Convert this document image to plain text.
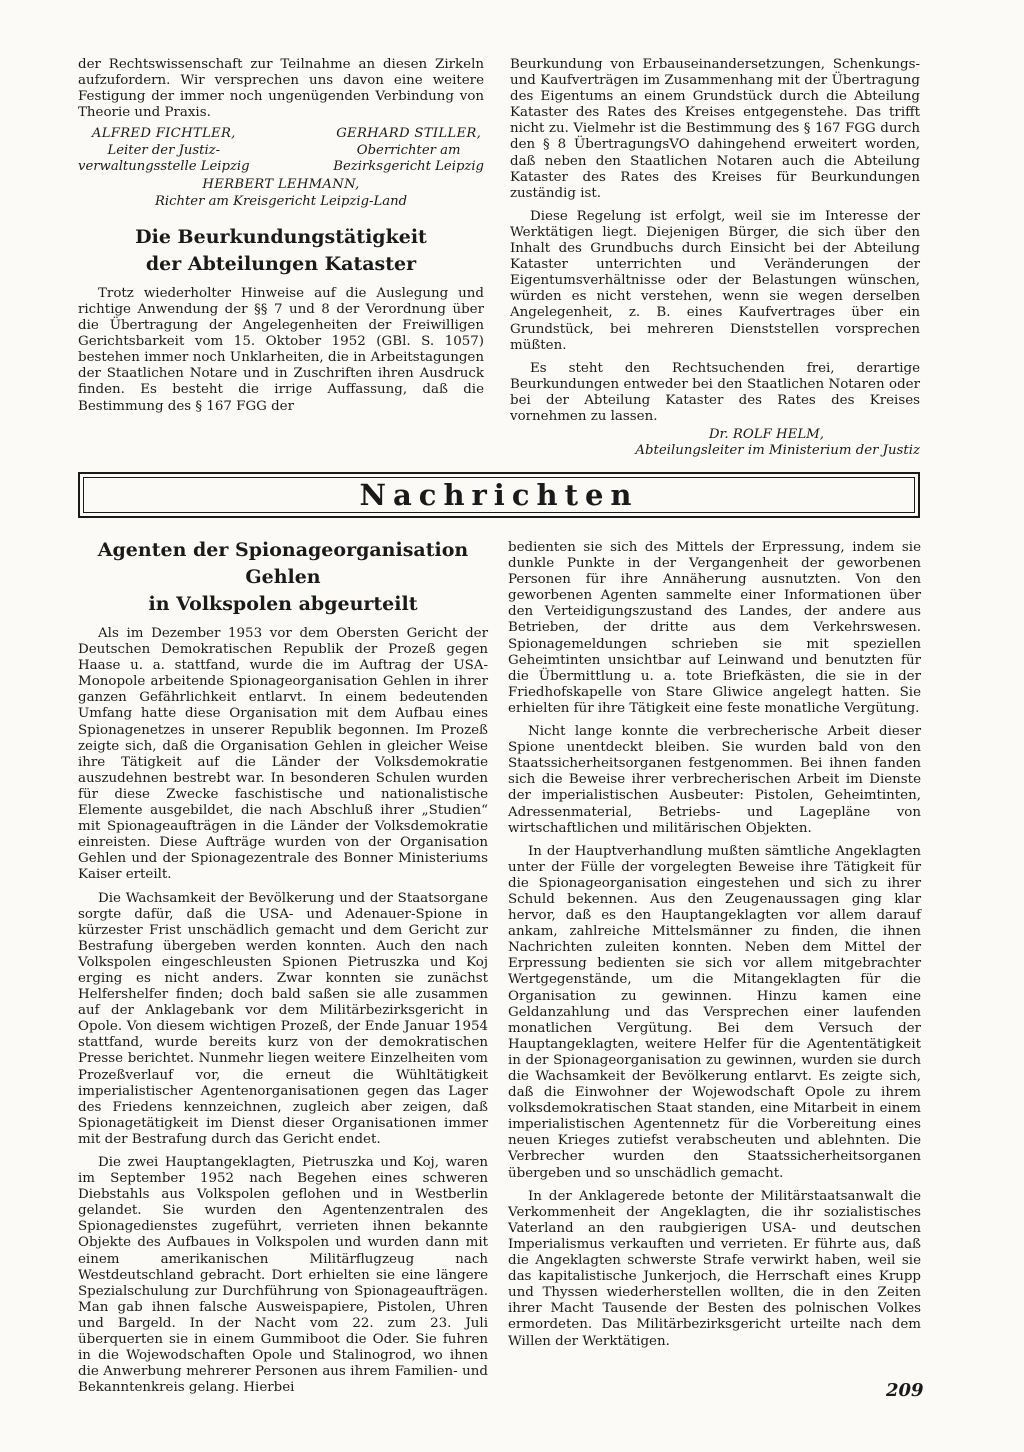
der Rechtswissenschaft zur Teilnahme an diesen Zirkeln aufzufordern. Wir versprechen uns davon eine weitere Festigung der immer noch ungenügenden Verbindung von Theorie und Praxis.

ALFRED FICHTLER,
Leiter der Justiz-
verwaltungsstelle Leipzig
GERHARD STILLER,
Oberrichter am
Bezirksgericht Leipzig
HERBERT LEHMANN,
Richter am Kreisgericht Leipzig-Land

Die Beurkundungstätigkeit

der Abteilungen Kataster

Trotz wiederholter Hinweise auf die Auslegung und richtige Anwendung der §§ 7 und 8 der Verordnung über die Übertragung der Angelegenheiten der Freiwilligen Gerichtsbarkeit vom 15. Oktober 1952 (GBl. S. 1057) bestehen immer noch Unklarheiten, die in Arbeitstagungen der Staatlichen Notare und in Zuschriften ihren Ausdruck finden. Es besteht die irrige Auffassung, daß die Bestimmung des § 167 FGG der

Beurkundung von Erbauseinandersetzungen, Schenkungs- und Kaufverträgen im Zusammenhang mit der Übertragung des Eigentums an einem Grundstück durch die Abteilung Kataster des Rates des Kreises entgegenstehe. Das trifft nicht zu. Vielmehr ist die Bestimmung des § 167 FGG durch den § 8 ÜbertragungsVO dahingehend erweitert worden, daß neben den Staatlichen Notaren auch die Abteilung Kataster des Rates des Kreises für Beurkundungen zuständig ist.

Diese Regelung ist erfolgt, weil sie im Interesse der Werktätigen liegt. Diejenigen Bürger, die sich über den Inhalt des Grundbuchs durch Einsicht bei der Abteilung Kataster unterrichten und Veränderungen der Eigentumsverhältnisse oder der Belastungen wünschen, würden es nicht verstehen, wenn sie wegen derselben Angelegenheit, z. B. eines Kaufvertrages über ein Grundstück, bei mehreren Dienststellen vorsprechen müßten.

Es steht den Rechtsuchenden frei, derartige Beurkundungen entweder bei den Staatlichen Notaren oder bei der Abteilung Kataster des Rates des Kreises vornehmen zu lassen.

Dr. ROLF HELM,
Abteilungsleiter im Ministerium der Justiz
Nachrichten

Agenten der Spionageorganisation Gehlen

in Volkspolen abgeurteilt

Als im Dezember 1953 vor dem Obersten Gericht der Deutschen Demokratischen Republik der Prozeß gegen Haase u. a. stattfand, wurde die im Auftrag der USA-Monopole arbeitende Spionageorganisation Gehlen in ihrer ganzen Gefährlichkeit entlarvt. In einem bedeutenden Umfang hatte diese Organisation mit dem Aufbau eines Spionagenetzes in unserer Republik begonnen. Im Prozeß zeigte sich, daß die Organisation Gehlen in gleicher Weise ihre Tätigkeit auf die Länder der Volksdemokratie auszudehnen bestrebt war. In besonderen Schulen wurden für diese Zwecke faschistische und nationalistische Elemente ausgebildet, die nach Abschluß ihrer „Studien“ mit Spionageaufträgen in die Länder der Volksdemokratie einreisten. Diese Aufträge wurden von der Organisation Gehlen und der Spionagezentrale des Bonner Ministeriums Kaiser erteilt.

Die Wachsamkeit der Bevölkerung und der Staatsorgane sorgte dafür, daß die USA- und Adenauer-Spione in kürzester Frist unschädlich gemacht und dem Gericht zur Bestrafung übergeben werden konnten. Auch den nach Volkspolen eingeschleusten Spionen Pietruszka und Koj erging es nicht anders. Zwar konnten sie zunächst Helfershelfer finden; doch bald saßen sie alle zusammen auf der Anklagebank vor dem Militärbezirksgericht in Opole. Von diesem wichtigen Prozeß, der Ende Januar 1954 stattfand, wurde bereits kurz von der demokratischen Presse berichtet. Nunmehr liegen weitere Einzelheiten vom Prozeßverlauf vor, die erneut die Wühltätigkeit imperialistischer Agentenorganisationen gegen das Lager des Friedens kennzeichnen, zugleich aber zeigen, daß Spionagetätigkeit im Dienst dieser Organisationen immer mit der Bestrafung durch das Gericht endet.

Die zwei Hauptangeklagten, Pietruszka und Koj, waren im September 1952 nach Begehen eines schweren Diebstahls aus Volkspolen geflohen und in Westberlin gelandet. Sie wurden den Agentenzentralen des Spionagedienstes zugeführt, verrieten ihnen bekannte Objekte des Aufbaues in Volkspolen und wurden dann mit einem amerikanischen Militärflugzeug nach Westdeutschland gebracht. Dort erhielten sie eine längere Spezialschulung zur Durchführung von Spionageaufträgen. Man gab ihnen falsche Ausweispapiere, Pistolen, Uhren und Bargeld. In der Nacht vom 22. zum 23. Juli überquerten sie in einem Gummiboot die Oder. Sie fuhren in die Wojewodschaften Opole und Stalinogrod, wo ihnen die Anwerbung mehrerer Personen aus ihrem Familien- und Bekanntenkreis gelang. Hierbei

bedienten sie sich des Mittels der Erpressung, indem sie dunkle Punkte in der Vergangenheit der geworbenen Personen für ihre Annäherung ausnutzten. Von den geworbenen Agenten sammelte einer Informationen über den Verteidigungszustand des Landes, der andere aus Betrieben, der dritte aus dem Verkehrswesen. Spionagemeldungen schrieben sie mit speziellen Geheimtinten unsichtbar auf Leinwand und benutzten für die Übermittlung u. a. tote Briefkästen, die sie in der Friedhofskapelle von Stare Gliwice angelegt hatten. Sie erhielten für ihre Tätigkeit eine feste monatliche Vergütung.

Nicht lange konnte die verbrecherische Arbeit dieser Spione unentdeckt bleiben. Sie wurden bald von den Staatssicherheitsorganen festgenommen. Bei ihnen fanden sich die Beweise ihrer verbrecherischen Arbeit im Dienste der imperialistischen Ausbeuter: Pistolen, Geheimtinten, Adressenmaterial, Betriebs- und Lagepläne von wirtschaftlichen und militärischen Objekten.

In der Hauptverhandlung mußten sämtliche Angeklagten unter der Fülle der vorgelegten Beweise ihre Tätigkeit für die Spionageorganisation eingestehen und sich zu ihrer Schuld bekennen. Aus den Zeugenaussagen ging klar hervor, daß es den Hauptangeklagten vor allem darauf ankam, zahlreiche Mittelsmänner zu finden, die ihnen Nachrichten zuleiten konnten. Neben dem Mittel der Erpressung bedienten sie sich vor allem mitgebrachter Wertgegenstände, um die Mitangeklagten für die Organisation zu gewinnen. Hinzu kamen eine Geldanzahlung und das Versprechen einer laufenden monatlichen Vergütung. Bei dem Versuch der Hauptangeklagten, weitere Helfer für die Agententätigkeit in der Spionageorganisation zu gewinnen, wurden sie durch die Wachsamkeit der Bevölkerung entlarvt. Es zeigte sich, daß die Einwohner der Wojewodschaft Opole zu ihrem volksdemokratischen Staat standen, eine Mitarbeit in einem imperialistischen Agentennetz für die Vorbereitung eines neuen Krieges zutiefst verabscheuten und ablehnten. Die Verbrecher wurden den Staatssicherheitsorganen übergeben und so unschädlich gemacht.

In der Anklagerede betonte der Militärstaatsanwalt die Verkommenheit der Angeklagten, die ihr sozialistisches Vaterland an den raubgierigen USA- und deutschen Imperialismus verkauften und verrieten. Er führte aus, daß die Angeklagten schwerste Strafe verwirkt haben, weil sie das kapitalistische Junkerjoch, die Herrschaft eines Krupp und Thyssen wiederherstellen wollten, die in den Zeiten ihrer Macht Tausende der Besten des polnischen Volkes ermordeten. Das Militärbezirksgericht urteilte nach dem Willen der Werktätigen.

209
